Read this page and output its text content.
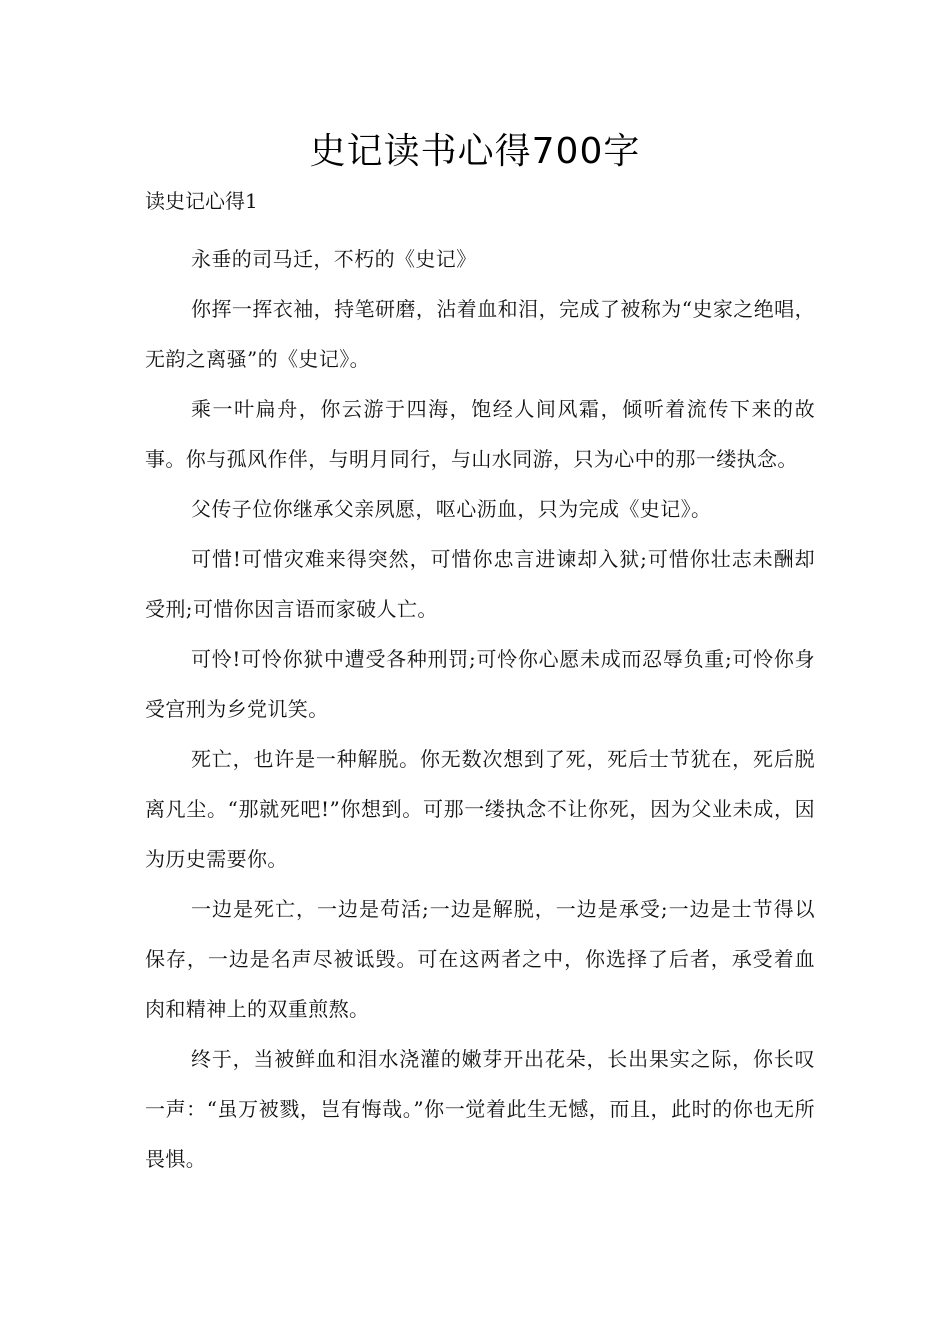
史记读书心得700字
读史记心得1

永垂的司马迁，不朽的《史记》

你挥一挥衣袖，持笔研磨，沾着血和泪，完成了被称为“史家之绝唱，无韵之离骚”的《史记》。

乘一叶扁舟，你云游于四海，饱经人间风霜，倾听着流传下来的故事。你与孤风作伴，与明月同行，与山水同游，只为心中的那一缕执念。

父传子位你继承父亲夙愿，呕心沥血，只为完成《史记》。

可惜!可惜灾难来得突然，可惜你忠言进谏却入狱;可惜你壮志未酬却受刑;可惜你因言语而家破人亡。

可怜!可怜你狱中遭受各种刑罚;可怜你心愿未成而忍辱负重;可怜你身受宫刑为乡党讥笑。

死亡，也许是一种解脱。你无数次想到了死，死后士节犹在，死后脱离凡尘。“那就死吧!”你想到。可那一缕执念不让你死，因为父业未成，因为历史需要你。

一边是死亡，一边是苟活;一边是解脱，一边是承受;一边是士节得以保存，一边是名声尽被诋毁。可在这两者之中，你选择了后者，承受着血肉和精神上的双重煎熬。

终于，当被鲜血和泪水浇灌的嫩芽开出花朵，长出果实之际，你长叹一声：“虽万被戮，岂有悔哉。”你一觉着此生无憾，而且，此时的你也无所畏惧。
